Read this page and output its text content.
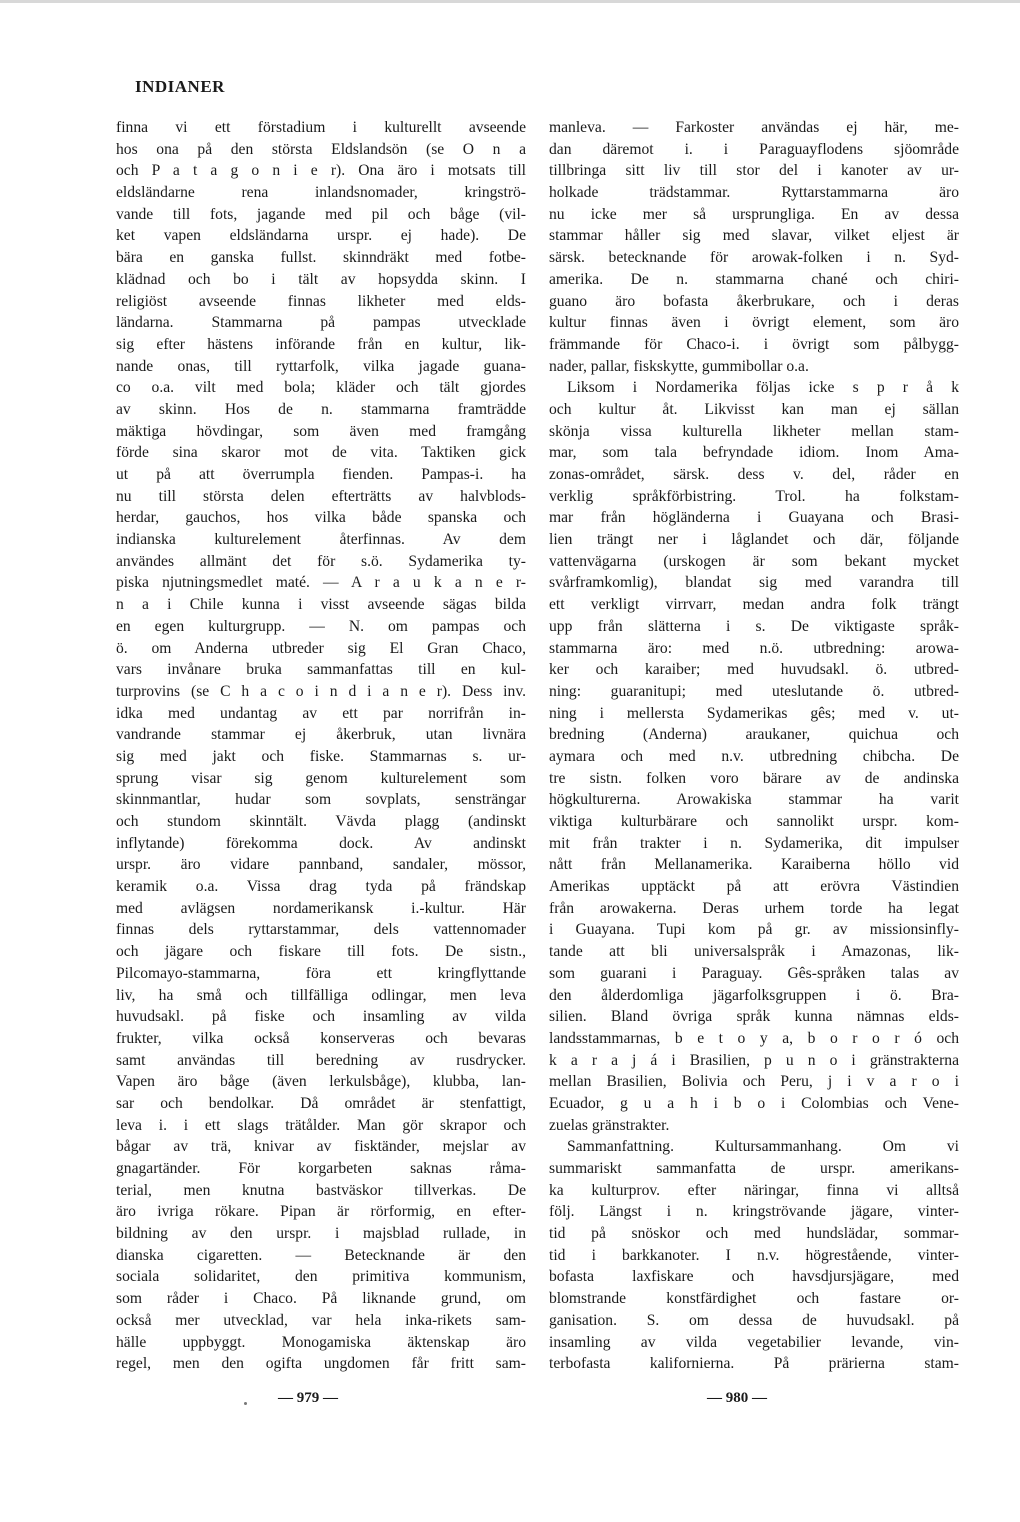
INDIANER
finna vi ett förstadium i kulturellt avseende
hos ona på den största Eldslandsön (se O n a
och P a t a g o n i e r). Ona äro i motsats till
eldsländarne rena inlandsnomader, kringströ-
vande till fots, jagande med pil och båge (vil-
ket vapen eldsländarna urspr. ej hade). De
bära en ganska fullst. skinndräkt med fotbe-
klädnad och bo i tält av hopsydda skinn. I
religiöst avseende finnas likheter med elds-
ländarna. Stammarna på pampas utvecklade
sig efter hästens införande från en kultur, lik-
nande onas, till ryttarfolk, vilka jagade guana-
co o.a. vilt med bola; kläder och tält gjordes
av skinn. Hos de n. stammarna framträdde
mäktiga hövdingar, som även med framgång
förde sina skaror mot de vita. Taktiken gick
ut på att överrumpla fienden. Pampas-i. ha
nu till största delen efterträtts av halvblods-
herdar, gauchos, hos vilka både spanska och
indianska kulturelement återfinnas. Av dem
användes allmänt det för s.ö. Sydamerika ty-
piska njutningsmedlet maté. — A r a u k a n e r-
n a i Chile kunna i visst avseende sägas bilda
en egen kulturgrupp. — N. om pampas och
ö. om Anderna utbreder sig El Gran Chaco,
vars invånare bruka sammanfattas till en kul-
turprovins (se C h a c o i n d i a n e r). Dess inv.
idka med undantag av ett par norrifrån in-
vandrande stammar ej åkerbruk, utan livnära
sig med jakt och fiske. Stammarnas s. ur-
sprung visar sig genom kulturelement som
skinnmantlar, hudar som sovplats, sensträngar
och stundom skinntält. Vävda plagg (andinskt
inflytande) förekomma dock. Av andinskt
urspr. äro vidare pannband, sandaler, mössor,
keramik o.a. Vissa drag tyda på frändskap
med avlägsen nordamerikansk i.-kultur. Här
finnas dels ryttarstammar, dels vattennomader
och jägare och fiskare till fots. De sistn.,
Pilcomayo-stammarna, föra ett kringflyttande
liv, ha små och tillfälliga odlingar, men leva
huvudsakl. på fiske och insamling av vilda
frukter, vilka också konserveras och bevaras
samt användas till beredning av rusdrycker.
Vapen äro båge (även lerkulsbåge), klubba, lan-
sar och bendolkar. Då området är stenfattigt,
leva i. i ett slags trätålder. Man gör skrapor och
bågar av trä, knivar av fisktänder, mejslar av
gnagartänder. För korgarbeten saknas råma-
terial, men knutna bastväskor tillverkas. De
äro ivriga rökare. Pipan är rörformig, en efter-
bildning av den urspr. i majsblad rullade, in
dianska cigaretten. — Betecknande är den
sociala solidaritet, den primitiva kommunism,
som råder i Chaco. På liknande grund, om
också mer utvecklad, var hela inka-rikets sam-
hälle uppbyggt. Monogamiska äktenskap äro
regel, men den ogifta ungdomen får fritt sam-
manleva. — Farkoster användas ej här, me-
dan däremot i. i Paraguayflodens sjöområde
tillbringa sitt liv till stor del i kanoter av ur-
holkade trädstammar. Ryttarstammarna äro
nu icke mer så ursprungliga. En av dessa
stammar håller sig med slavar, vilket eljest är
särsk. betecknande för arowak-folken i n. Syd-
amerika. De n. stammarna chané och chiri-
guano äro bofasta åkerbrukare, och i deras
kultur finnas även i övrigt element, som äro
främmande för Chaco-i. i övrigt som pålbygg-
nader, pallar, fiskskytte, gummibollar o.a.
Liksom i Nordamerika följas icke s p r å k
och kultur åt. Likvisst kan man ej sällan
skönja vissa kulturella likheter mellan stam-
mar, som tala befryndade idiom. Inom Ama-
zonas-området, särsk. dess v. del, råder en
verklig språkförbistring. Trol. ha folkstam-
mar från högländerna i Guayana och Brasi-
lien trängt ner i låglandet och där, följande
vattenvägarna (urskogen är som bekant mycket
svårframkomlig), blandat sig med varandra till
ett verkligt virrvarr, medan andra folk trängt
upp från slätterna i s. De viktigaste språk-
stammarna äro: med n.ö. utbredning: arowa-
ker och karaiber; med huvudsakl. ö. utbred-
ning: guaranitupi; med uteslutande ö. utbred-
ning i mellersta Sydamerikas gês; med v. ut-
bredning (Anderna) araukaner, quichua och
aymara och med n.v. utbredning chibcha. De
tre sistn. folken voro bärare av de andinska
högkulturerna. Arowakiska stammar ha varit
viktiga kulturbärare och sannolikt urspr. kom-
mit från trakter i n. Sydamerika, dit impulser
nått från Mellanamerika. Karaiberna höllo vid
Amerikas upptäckt på att erövra Västindien
från arowakerna. Deras urhem torde ha legat
i Guayana. Tupi kom på gr. av missionsinfly-
tande att bli universalspråk i Amazonas, lik-
som guarani i Paraguay. Gês-språken talas av
den ålderdomliga jägarfolksgruppen i ö. Bra-
silien. Bland övriga språk kunna nämnas elds-
landsstammarnas, b e t o y a, b o r o r ó och
k a r a j á i Brasilien, p u n o i gränstrakterna
mellan Brasilien, Bolivia och Peru, j i v a r o i
Ecuador, g u a h i b o i Colombias och Vene-
zuelas gränstrakter.
Sammanfattning. Kultursammanhang. Om vi
summariskt sammanfatta de urspr. amerikans-
ka kulturprov. efter näringar, finna vi alltså
följ. Längst i n. kringströvande jägare, vinter-
tid på snöskor och med hundslädar, sommar-
tid i barkkanoter. I n.v. högrestående, vinter-
bofasta laxfiskare och havsdjursjägare, med
blomstrande konstfärdighet och fastare or-
ganisation. S. om dessa de huvudsakl. på
insamling av vilda vegetabilier levande, vin-
terbofasta kalifornierna. På prärierna stam-
— 979 —	— 980 —
